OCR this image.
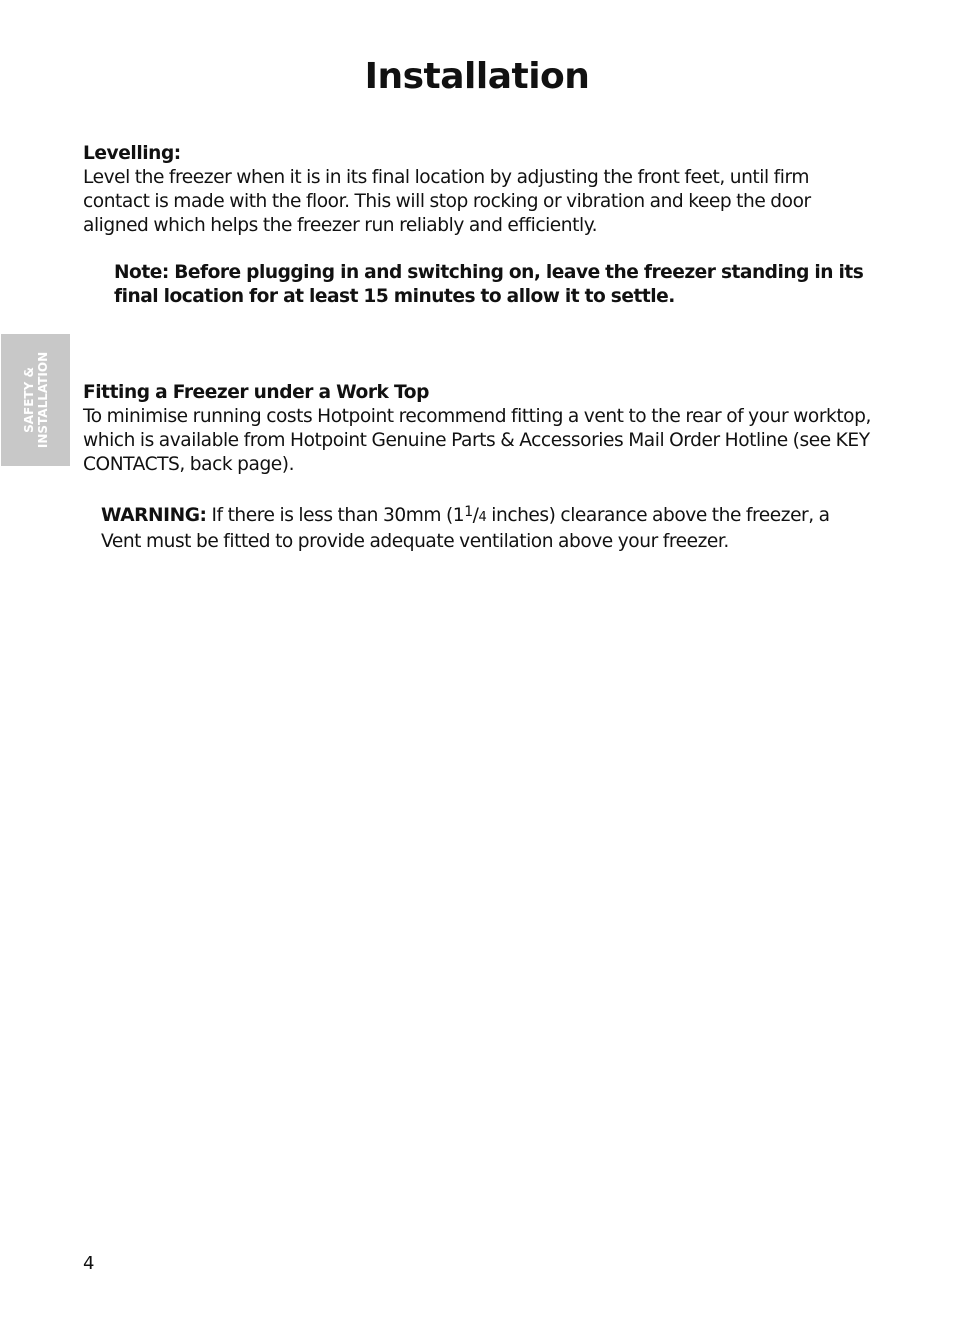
Installation
SAFETY & INSTALLATION

Levelling:

Level the freezer when it is in its final location by adjusting the front feet, until firm contact is made with the floor. This will stop rocking or vibration and keep the door aligned which helps the freezer run reliably and efficiently.

Note: Before plugging in and switching on, leave the freezer standing in its final location for at least 15 minutes to allow it to settle.

Fitting a Freezer under a Work Top

To minimise running costs Hotpoint recommend fitting a vent to the rear of your worktop, which is available from Hotpoint Genuine Parts & Accessories Mail Order Hotline (see KEY CONTACTS, back page).

WARNING: If there is less than 30mm ($1^1/4$ inches) clearance above the freezer, a Vent must be fitted to provide adequate ventilation above your freezer.

4
